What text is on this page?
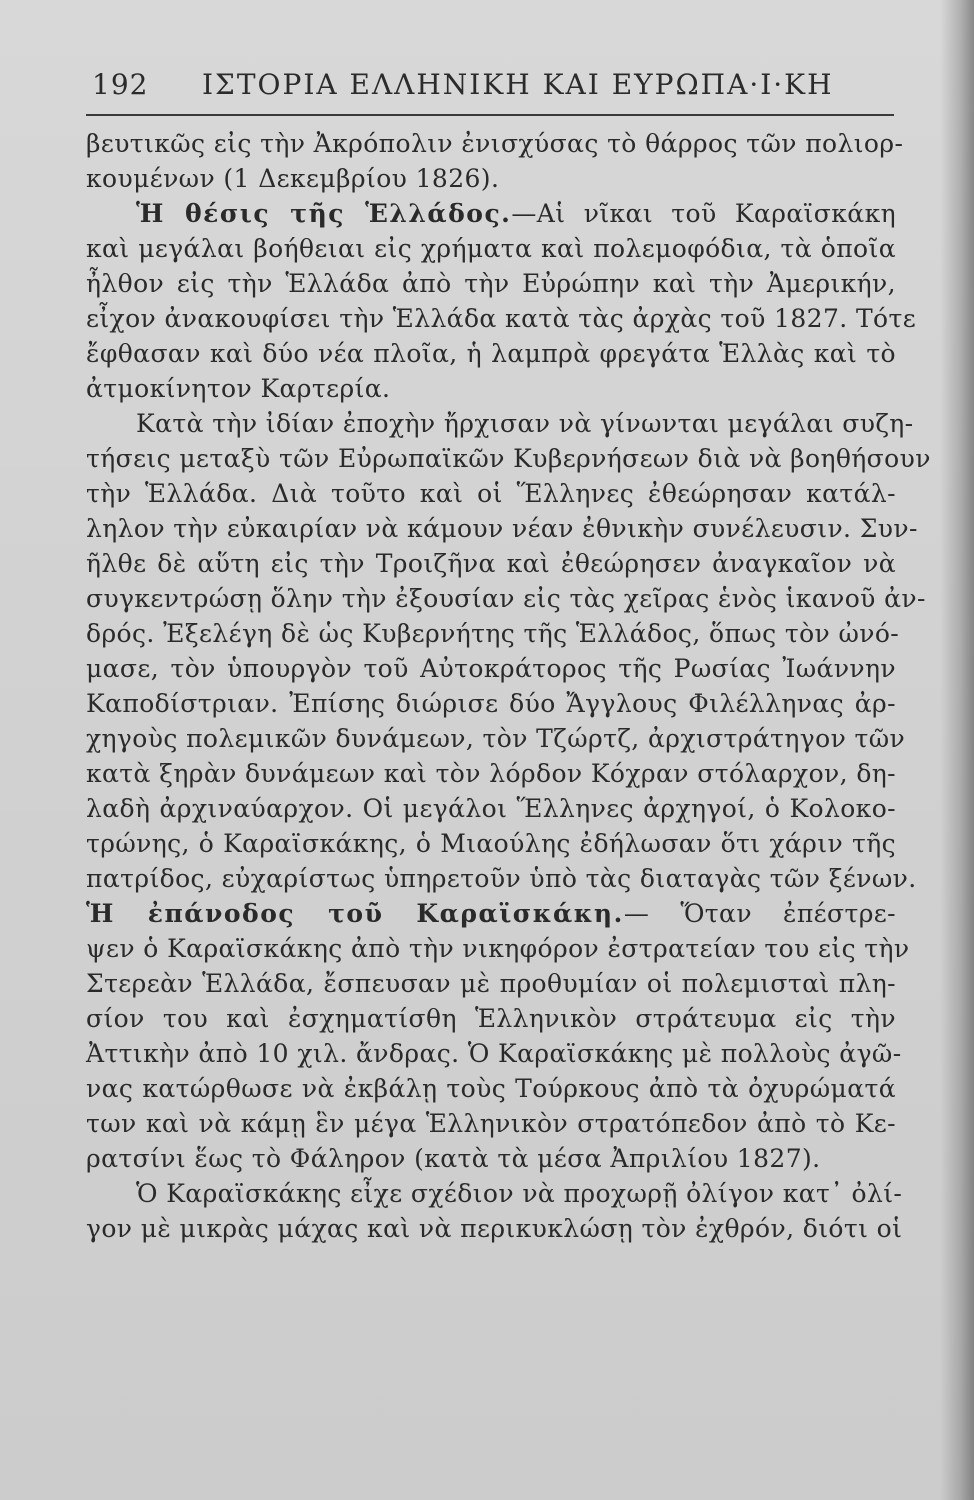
192 ΙΣΤΟΡΙΑ ΕΛΛΗΝΙΚΗ ΚΑΙ ΕΥΡΩΠΑ·Ι·ΚΗ
βευτικῶς εἰς τὴν Ἀκρόπολιν ἐνισχύσας τὸ θάρρος τῶν πολιορ-
κουμένων (1 Δεκεμβρίου 1826).
Ἡ θέσις τῆς Ἑλλάδος.—Αἱ νῖκαι τοῦ Καραϊσκάκη
καὶ μεγάλαι βοήθειαι εἰς χρήματα καὶ πολεμοφόδια, τὰ ὁποῖα
ἦλθον εἰς τὴν Ἑλλάδα ἀπὸ τὴν Εὐρώπην καὶ τὴν Ἀμερικήν,
εἶχον ἀνακουφίσει τὴν Ἑλλάδα κατὰ τὰς ἀρχὰς τοῦ 1827. Τότε
ἔφθασαν καὶ δύο νέα πλοῖα, ἡ λαμπρὰ φρεγάτα Ἑλλὰς καὶ τὸ
ἀτμοκίνητον Καρτερία.
Κατὰ τὴν ἰδίαν ἐποχὴν ἤρχισαν νὰ γίνωνται μεγάλαι συζη-
τήσεις μεταξὺ τῶν Εὐρωπαϊκῶν Κυβερνήσεων διὰ νὰ βοηθήσουν
τὴν Ἑλλάδα. Διὰ τοῦτο καὶ οἱ Ἕλληνες ἐθεώρησαν κατάλ-
ληλον τὴν εὐκαιρίαν νὰ κάμουν νέαν ἐθνικὴν συνέλευσιν. Συν-
ῆλθε δὲ αὕτη εἰς τὴν Τροιζῆνα καὶ ἐθεώρησεν ἀναγκαῖον νὰ
συγκεντρώσῃ ὅλην τὴν ἐξουσίαν εἰς τὰς χεῖρας ἑνὸς ἱκανοῦ ἀν-
δρός. Ἐξελέγη δὲ ὡς Κυβερνήτης τῆς Ἑλλάδος, ὅπως τὸν ὠνό-
μασε, τὸν ὑπουργὸν τοῦ Αὐτοκράτορος τῆς Ρωσίας Ἰωάννην
Καποδίστριαν. Ἐπίσης διώρισε δύο Ἄγγλους Φιλέλληνας ἀρ-
χηγοὺς πολεμικῶν δυνάμεων, τὸν Τζώρτζ, ἀρχιστράτηγον τῶν
κατὰ ξηρὰν δυνάμεων καὶ τὸν λόρδον Κόχραν στόλαρχον, δη-
λαδὴ ἀρχιναύαρχον. Οἱ μεγάλοι Ἕλληνες ἀρχηγοί, ὁ Κολοκο-
τρώνης, ὁ Καραϊσκάκης, ὁ Μιαούλης ἐδήλωσαν ὅτι χάριν τῆς
πατρίδος, εὐχαρίστως ὑπηρετοῦν ὑπὸ τὰς διαταγὰς τῶν ξένων.
Ἡ ἐπάνοδος τοῦ Καραϊσκάκη.— Ὅταν ἐπέστρε-
ψεν ὁ Καραϊσκάκης ἀπὸ τὴν νικηφόρον ἐστρατείαν του εἰς τὴν
Στερεὰν Ἑλλάδα, ἔσπευσαν μὲ προθυμίαν οἱ πολεμισταὶ πλη-
σίον του καὶ ἐσχηματίσθη Ἑλληνικὸν στράτευμα εἰς τὴν
Ἀττικὴν ἀπὸ 10 χιλ. ἄνδρας. Ὁ Καραϊσκάκης μὲ πολλοὺς ἀγῶ-
νας κατώρθωσε νὰ ἐκβάλῃ τοὺς Τούρκους ἀπὸ τὰ ὀχυρώματά
των καὶ νὰ κάμῃ ἓν μέγα Ἑλληνικὸν στρατόπεδον ἀπὸ τὸ Κε-
ρατσίνι ἕως τὸ Φάληρον (κατὰ τὰ μέσα Ἀπριλίου 1827).
Ὁ Καραϊσκάκης εἶχε σχέδιον νὰ προχωρῇ ὀλίγον κατ᾽ ὀλί-
γον μὲ μικρὰς μάχας καὶ νὰ περικυκλώσῃ τὸν ἐχθρόν, διότι οἱ
